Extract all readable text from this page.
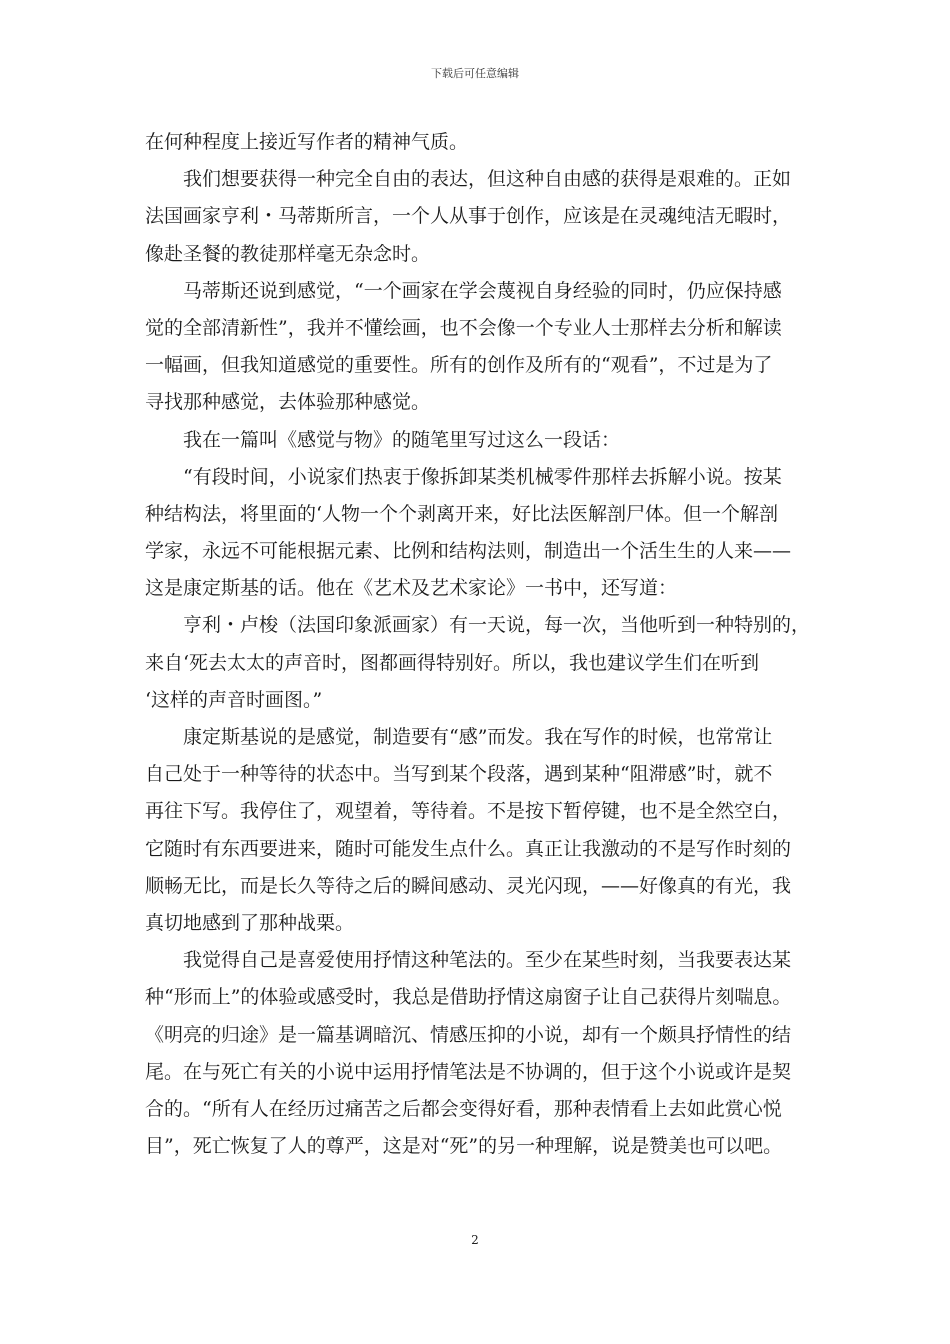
下载后可任意编辑
在何种程度上接近写作者的精神气质。
我们想要获得一种完全自由的表达，但这种自由感的获得是艰难的。正如
法国画家亨利・马蒂斯所言，一个人从事于创作，应该是在灵魂纯洁无暇时，
像赴圣餐的教徒那样毫无杂念时。
马蒂斯还说到感觉，“一个画家在学会蔑视自身经验的同时，仍应保持感
觉的全部清新性”，我并不懂绘画，也不会像一个专业人士那样去分析和解读
一幅画，但我知道感觉的重要性。所有的创作及所有的“观看”，不过是为了
寻找那种感觉，去体验那种感觉。
我在一篇叫《感觉与物》的随笔里写过这么一段话：
“有段时间，小说家们热衷于像拆卸某类机械零件那样去拆解小说。按某
种结构法，将里面的‘人物一个个剥离开来，好比法医解剖尸体。但一个解剖
学家，永远不可能根据元素、比例和结构法则，制造出一个活生生的人来——
这是康定斯基的话。他在《艺术及艺术家论》一书中，还写道：
亨利・卢梭（法国印象派画家）有一天说，每一次，当他听到一种特别的，
来自‘死去太太的声音时，图都画得特别好。所以，我也建议学生们在听到
‘这样的声音时画图。”
康定斯基说的是感觉，制造要有“感”而发。我在写作的时候，也常常让
自己处于一种等待的状态中。当写到某个段落，遇到某种“阻滞感”时，就不
再往下写。我停住了，观望着，等待着。不是按下暂停键，也不是全然空白，
它随时有东西要进来，随时可能发生点什么。真正让我激动的不是写作时刻的
顺畅无比，而是长久等待之后的瞬间感动、灵光闪现，——好像真的有光，我
真切地感到了那种战栗。
我觉得自己是喜爱使用抒情这种笔法的。至少在某些时刻，当我要表达某
种“形而上”的体验或感受时，我总是借助抒情这扇窗子让自己获得片刻喘息。
《明亮的归途》是一篇基调暗沉、情感压抑的小说，却有一个颇具抒情性的结
尾。在与死亡有关的小说中运用抒情笔法是不协调的，但于这个小说或许是契
合的。“所有人在经历过痛苦之后都会变得好看，那种表情看上去如此赏心悦
目”，死亡恢复了人的尊严，这是对“死”的另一种理解，说是赞美也可以吧。
2
